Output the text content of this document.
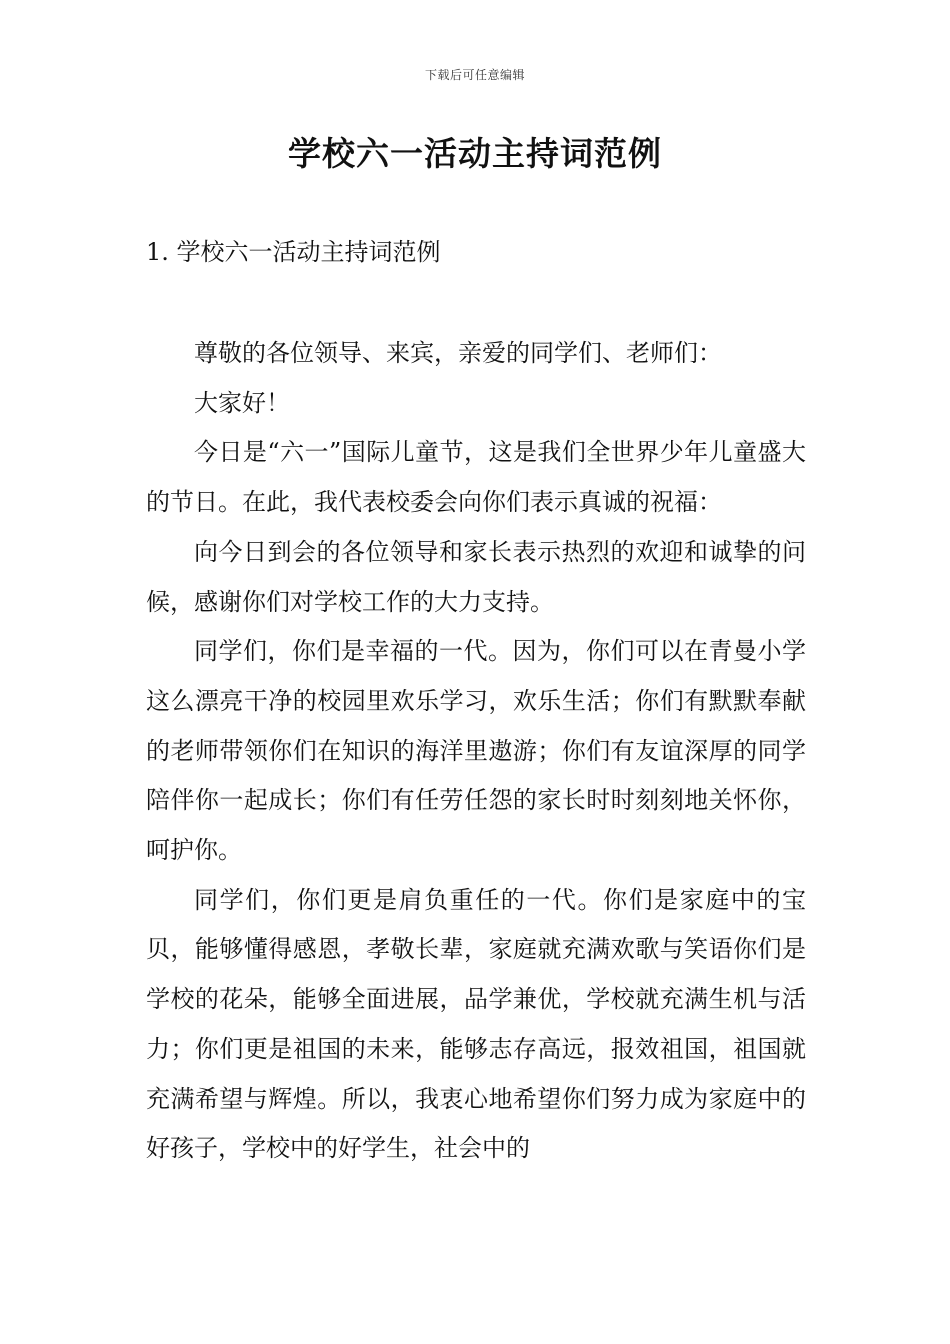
下载后可任意编辑
学校六一活动主持词范例
1. 学校六一活动主持词范例

尊敬的各位领导、来宾，亲爱的同学们、老师们：

大家好！

今日是“六一”国际儿童节，这是我们全世界少年儿童盛大的节日。在此，我代表校委会向你们表示真诚的祝福：

向今日到会的各位领导和家长表示热烈的欢迎和诚挚的问候，感谢你们对学校工作的大力支持。

同学们，你们是幸福的一代。因为，你们可以在青曼小学这么漂亮干净的校园里欢乐学习，欢乐生活；你们有默默奉献的老师带领你们在知识的海洋里遨游；你们有友谊深厚的同学陪伴你一起成长；你们有任劳任怨的家长时时刻刻地关怀你，呵护你。

同学们，你们更是肩负重任的一代。你们是家庭中的宝贝，能够懂得感恩，孝敬长辈，家庭就充满欢歌与笑语你们是学校的花朵，能够全面进展，品学兼优，学校就充满生机与活力；你们更是祖国的未来，能够志存高远，报效祖国，祖国就充满希望与辉煌。所以，我衷心地希望你们努力成为家庭中的好孩子，学校中的好学生，社会中的
